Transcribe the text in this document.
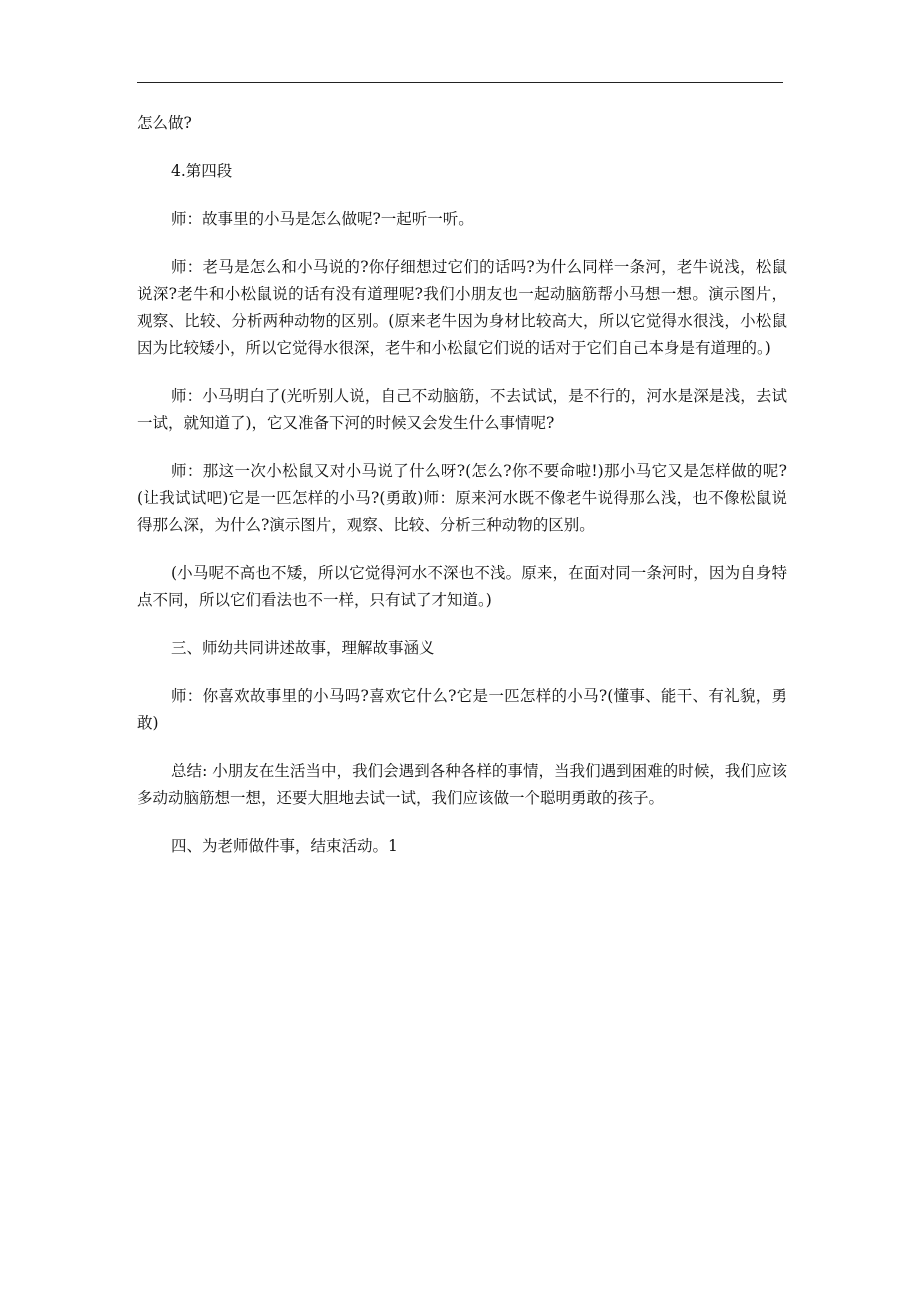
怎么做?

4.第四段

师：故事里的小马是怎么做呢?一起听一听。

师：老马是怎么和小马说的?你仔细想过它们的话吗?为什么同样一条河，老牛说浅，松鼠说深?老牛和小松鼠说的话有没有道理呢?我们小朋友也一起动脑筋帮小马想一想。演示图片，观察、比较、分析两种动物的区别。(原来老牛因为身材比较高大，所以它觉得水很浅，小松鼠因为比较矮小，所以它觉得水很深，老牛和小松鼠它们说的话对于它们自己本身是有道理的。)

师：小马明白了(光听别人说，自己不动脑筋，不去试试，是不行的，河水是深是浅，去试一试，就知道了)，它又准备下河的时候又会发生什么事情呢?

师：那这一次小松鼠又对小马说了什么呀?(怎么?你不要命啦!)那小马它又是怎样做的呢?(让我试试吧)它是一匹怎样的小马?(勇敢)师：原来河水既不像老牛说得那么浅，也不像松鼠说得那么深，为什么?演示图片，观察、比较、分析三种动物的区别。

(小马呢不高也不矮，所以它觉得河水不深也不浅。原来，在面对同一条河时，因为自身特点不同，所以它们看法也不一样，只有试了才知道。)

三、师幼共同讲述故事，理解故事涵义

师：你喜欢故事里的小马吗?喜欢它什么?它是一匹怎样的小马?(懂事、能干、有礼貌，勇敢)

总结: 小朋友在生活当中，我们会遇到各种各样的事情，当我们遇到困难的时候，我们应该多动动脑筋想一想，还要大胆地去试一试，我们应该做一个聪明勇敢的孩子。

四、为老师做件事，结束活动。1
